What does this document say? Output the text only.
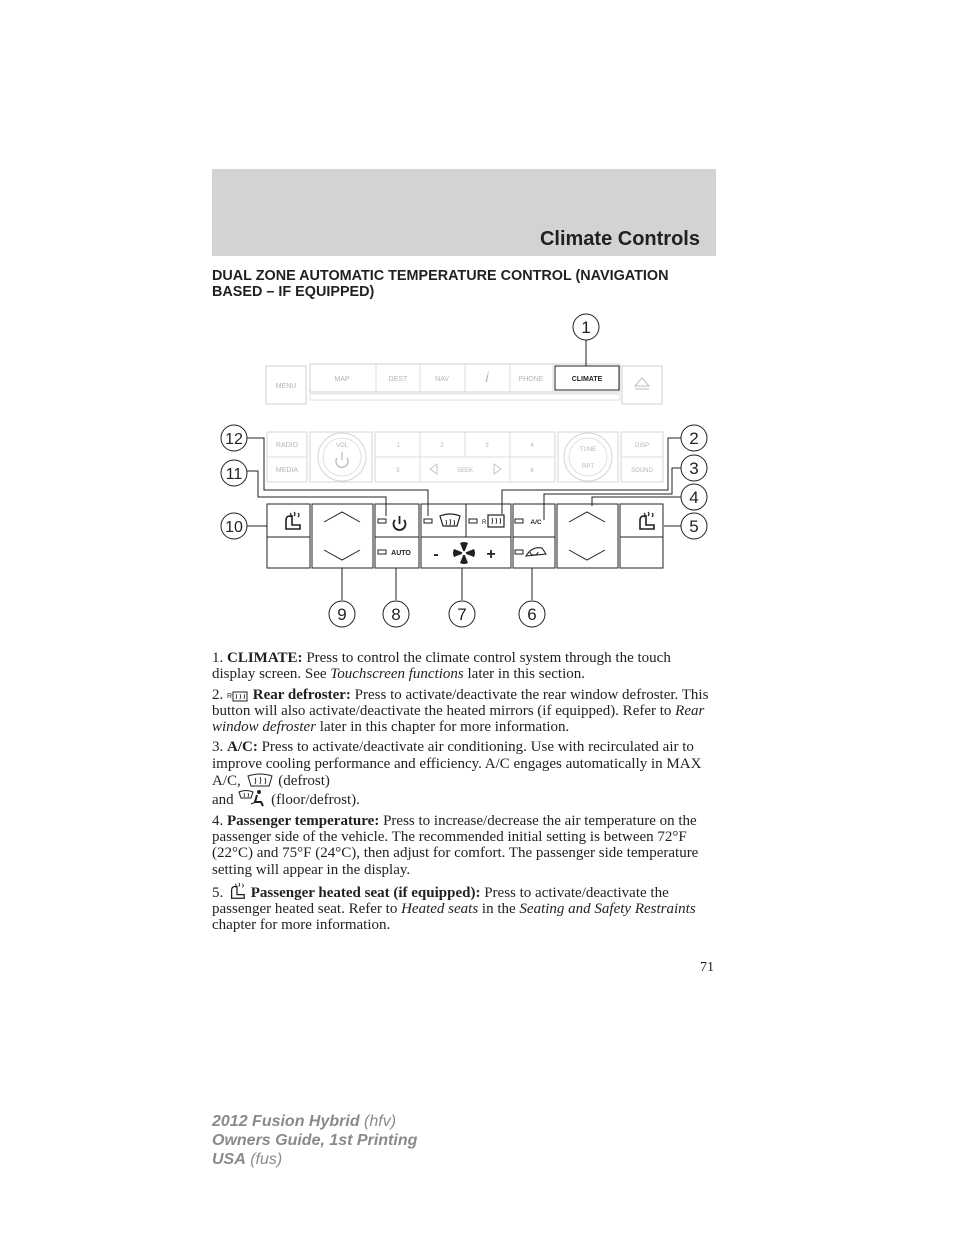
Climate Controls
DUAL ZONE AUTOMATIC TEMPERATURE CONTROL (NAVIGATION BASED – IF EQUIPPED)
MENU
MAP	DEST	NAV	i	PHONE	CLIMATE
RADIO
MEDIA
VOL	1	2	3	4
5	6
SEEK
TUNE
RPT
DISP
SOUND
AUTO
R
-	+
A/C
1
2
3
4
5
6
7
8
9
10
11
12

1. CLIMATE: Press to control the climate control system through the touch display screen. See Touchscreen functions later in this section.

2. R Rear defroster: Press to activate/deactivate the rear window defroster. This button will also activate/deactivate the heated mirrors (if equipped). Refer to Rear window defroster later in this chapter for more information.

3. A/C: Press to activate/deactivate air conditioning. Use with recirculated air to improve cooling performance and efficiency. A/C engages automatically in MAX A/C,	(defrost)
and	(floor/defrost).

4. Passenger temperature: Press to increase/decrease the air temperature on the passenger side of the vehicle. The recommended initial setting is between 72°F (22°C) and 75°F (24°C), then adjust for comfort. The passenger side temperature setting will appear in the display.

5. Passenger heated seat (if equipped): Press to activate/deactivate the passenger heated seat. Refer to Heated seats in the Seating and Safety Restraints chapter for more information.

71
2012 Fusion Hybrid (hfv)
Owners Guide, 1st Printing
USA (fus)
